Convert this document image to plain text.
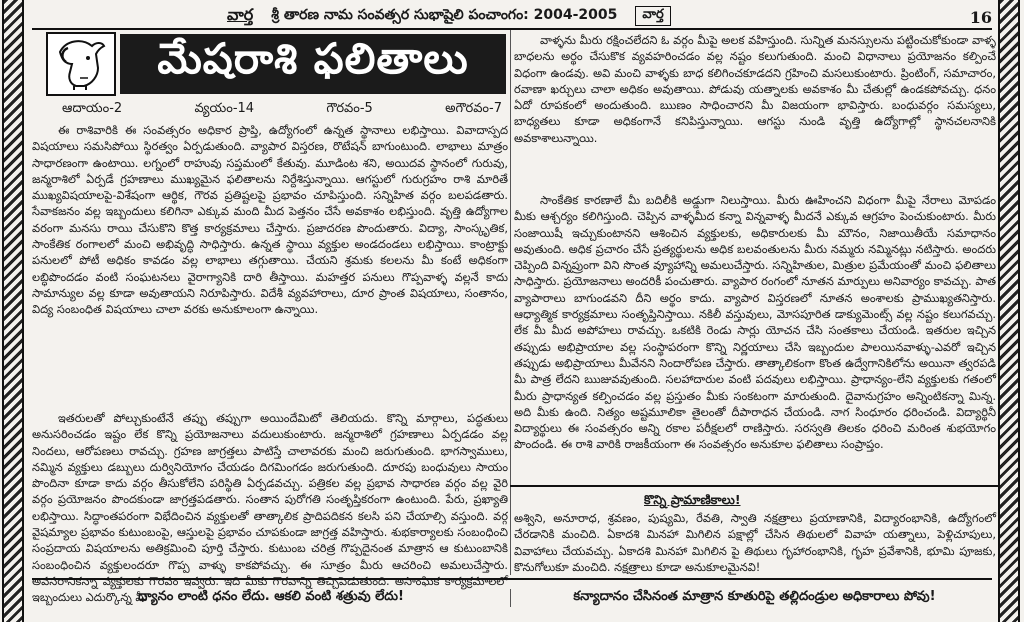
వార్త శ్రీ తారణ నామ సంవత్సర సుభాషైలి పంచాంగం: 2004-2005	వార్త	16
మేషరాశి ఫలితాలు
ఆదాయం-2	వ్యయం-14	గౌరవం-5	అగౌరవం-7

ఈ రాశివారికి ఈ సంవత్సరం అధికార ప్రాప్తి, ఉద్యోగంలో ఉన్నత స్థానాలు లభిస్తాయి. వివాదాస్పద విషయాలు సమసిపోయి స్థిరత్వం ఏర్పడుతుంది. వ్యాపార విస్తరణ, రొటేషన్ బాగుంటుంది. లాభాలు మాత్రం సాధారణంగా ఉంటాయి. లగ్నంలో రాహువు సప్తమంలో కేతువు. మూడింట శని, అయిదవ స్థానంలో గురువు, జన్మరాశిలో ఏర్పడే గ్రహణాలు ముఖ్యమైన ఫలితాలను నిర్దేశిస్తున్నాయి. ఆగస్టులో గురుగ్రహం రాశి మారితే ముఖ్యవిషయాలపై-విశేషంగా ఆర్థిక, గౌరవ ప్రతిష్టలపై ప్రభావం చూపిస్తుంది. సన్నిహిత వర్గం బలపడతారు. సేవాకజనం వల్ల ఇబ్బందులు కలిగినా ఎక్కువ మంది మీద పెత్తనం చేసే అవకాశం లభిస్తుంది. వృత్తి ఉద్యోగాల వరంగా మనసు రాయి చేసుకొని కొత్త కార్యక్రమాలు చేస్తారు. ప్రజాదరణ పొందుతారు. విద్యా, సాంస్కృతిక, సాంకేతిక రంగాలలో మంచి అభివృద్ధి సాధిస్తారు. ఉన్నత స్థాయి వ్యక్తుల అండదండలు లభిస్తాయి. కాంట్రాక్టు పనులలో పోటీ అధికం కావడం వల్ల లాభాలు తగ్గుతాయి. చేయని శ్రమకు కలలను మీ కంటే అధికంగా లబ్ధిపొందడం వంటి సంఘటనలు వైరాగ్యానికి దారి తీస్తాయి. మహత్తర పనులు గొప్పవాళ్ళ వల్లనే కాదు సామాన్యుల వల్ల కూడా అవుతాయని నిరూపిస్తారు. విదేశీ వ్యవహారాలు, దూర ప్రాంత విషయాలు, సంతానం, విద్య సంబంధిత విషయాలు చాలా వరకు అనుకూలంగా ఉన్నాయి.

ఇతరులతో పోల్చుకుంటేనే తప్పు తప్పుగా అయిందేమిటో తెలియదు. కొన్ని మార్గాలు, పద్ధతులు అనుసరించడం ఇష్టం లేక కొన్ని ప్రయోజనాలు వదులుకుంటారు. జన్మరాశిలో గ్రహణాలు ఏర్పడడం వల్ల నిందలు, ఆరోపణలు రావచ్చు. గ్రహణ జాగ్రత్తలు పాటిస్తే చాలావరకు మంచి జరుగుతుంది. భాగస్వాములు, నమ్మిన వ్యక్తులు డబ్బులు దుర్వినియోగం చేయడం దిగమింగడం జరుగుతుంది. దూరపు బంధువులు సాయం పొందినా కూడా కాదు వర్గం తీసుకోలేని పరిస్థితి ఏర్పడవచ్చు. పత్రికల వల్ల ప్రభావ సాధారణ వర్గం వల్ల వైరి వర్గం ప్రయోజనం పొందకుండా జాగ్రత్తపడతారు. సంతాన పురోగతి సంతృప్తికరంగా ఉంటుంది. పేరు, ప్రఖ్యాతి లభిస్తాయి. సిద్ధాంతపరంగా విభేదించిన వ్యక్తులతో తాత్కాలిక ప్రాదిపదికన కలసి పని చేయాల్సి వస్తుంది. వర్గ వైషమ్యాల ప్రభావం కుటుంబంపై, ఆస్తులపై ప్రభావం చూపకుండా జాగ్రత్త వహిస్తారు. శుభకార్యాలకు సంబంధించి సంప్రదాయ విషయాలను అతిక్రమించి పూర్తి చేస్తారు. కుటుంబ చరిత్ర గొప్పదైనంత మాత్రాన ఆ కుటుంబానికి సంబంధించిన వ్యక్తులందరూ గొప్ప వాళ్ళు కాకపోవచ్చు. ఈ సూత్రం మీరు ఆచరించి అమలుచేస్తారు. అవసరానికన్నా వ్యక్తులకు గౌరవం ఇవ్వరు. ఇది మీకు గౌరవాన్ని తెచ్చిపెడుతుంది. అసాంఘిక కార్యక్రమాలలో ఇబ్బందులు ఎదుర్కొన్న మీ

వాళ్ళను మీరు రక్షించలేదని ఓ వర్గం మీపై అలక వహిస్తుంది. సున్నిత మనస్సులను పట్టించుకోకుండా వాళ్ళ బాధలను అర్థం చేసుకొక వ్యవహరించడం వల్ల నష్టం కలుగుతుంది. మంచి విధానాలు ప్రయోజనం కల్పించే విధంగా ఉండవు. అవి మంచి వాళ్ళకు బాధ కలిగించకూడదని గ్రహించి మసలుకుంటారు. ప్రింటింగ్, సమాచారం, రవాణా ఖర్చులు చాలా అధికం అవుతాయి. పోడువు యత్నాలకు అవకాశం మీ చేతుల్లో ఉండకపోవచ్చు. ధనం ఏదో రూపకంలో అందుతుంది. ఋణం సాధించారని మీ విజయంగా భావిస్తారు. బంధువర్గం సమస్యలు, బాధ్యతలు కూడా అధికంగానే కనిపిస్తున్నాయి. ఆగస్టు నుండి వృత్తి ఉద్యోగాల్లో స్థానచలనానికి అవకాశాలున్నాయి.

సాంకేతిక కారణాలే మీ బదిలీకి అడ్డుగా నిలుస్తాయి. మీరు ఊహించని విధంగా మీపై నేరాలు మోపడం మీకు ఆశ్చర్యం కలిగిస్తుంది. చెప్పిన వాళ్ళమీద కన్నా విన్నవాళ్ళ మీదనే ఎక్కువ ఆగ్రహం పెంచుకుంటారు. మీరు సంజాయిషీ ఇచ్చుకుంటానని ఆశించిన వ్యక్తులకు, అధికారులకు మీ మౌనం, నిజాయితీయే సమాధానం అవుతుంది. అధిక ప్రచారం చేసే ప్రత్యర్థులను అధిక బలవంతులను మీరు నమ్మరు నమ్మినట్లు నటిస్తారు. అందరు చెప్పింది విన్నప్రుంగా విని సొంత వ్యూహాన్ని అమలుచేస్తారు. సన్నిహితుల, మిత్రుల ప్రమేయంతో మంచి ఫలితాలు సాధిస్తారు. ప్రయోజనాలు అందరికీ పంచుతారు. వ్యాపార రంగంలో నూతన మార్పులు అనివార్యం కావచ్చు. పాత వ్యాపారాలు బాగుండవని దీని అర్థం కాదు. వ్యాపార విస్తరణలో నూతన అంశాలకు ప్రాముఖ్యతనిస్తారు. ఆధ్యాత్మిక కార్యక్రమాలు సంతృప్తినిస్తాయి. నకిలీ వస్తువులు, మోసపూరిత డాక్యుమెంట్స్ వల్ల నష్టం కలుగవచ్చు. లేక మీ మీద అపోహలు రావచ్చు. ఒకటికి రెండు సార్లు యోచన చేసి సంతకాలు చేయండి. ఇతరుల ఇచ్చిన తప్పుడు అభిప్రాయాల వల్ల సంస్థాపరంగా కొన్ని నిర్ణయాలు చేసి ఇబ్బందుల పాలయినవాళ్ళు-ఎవరో ఇచ్చిన తప్పుడు అభిప్రాయాలు మీవేనని నిందారోపణ చేస్తారు. తాత్కాలికంగా కొంత ఉద్వేగానికిలోను అయినా త్వరపడి మీ పాత్ర లేదని ఋజువవుతుంది. సలహాదారుల వంటి పదవులు లభిస్తాయి. ప్రాధాన్యం-లేని వ్యక్తులకు గతంలో మీరు ప్రాధాన్యత కల్పించడం వల్ల ప్రస్తుతం మీకు సంకటంగా మారుతుంది. దైవానుగ్రహం అన్నింటికన్నా మిన్న. అది మీకు ఉంది. నిత్యం అష్టమూలికా తైలంతో దీపారాధన చేయండి. నాగ సింధూరం ధరించండి. విద్యార్థినీ విద్యార్థులు ఈ సంవత్సరం అన్ని రకాల పరీక్షలలో రాణిస్తారు. సరస్వతి తిలకం ధరించి మరింత శుభయోగం పొందండి. ఈ రాశి వారికి రాజకీయంగా ఈ సంవత్సరం అనుకూల ఫలితాలు సంప్రాప్తం.

కొన్ని ప్రామాణికాలు!

అశ్విని, అనూరాధ, శ్రవణం, పుష్యమి, రేవతి, స్వాతి నక్షత్రాలు ప్రయాణానికి, విద్యారంభానికి, ఉద్యోగంలో చేరడానికి మంచిది. ఏకాదశి మినహా మిగిలిన పక్షాల్లో చేసిన తిథులలో వివాహ యత్నాలు, పెళ్లిచూపులు, వివాహాలు చేయవచ్చు. ఏకాదశి మినహా మిగిలిన పై తిథులు గృహారంభానికి, గృహ ప్రవేశానికి, భూమి పూజకు, కొనుగోలుకూ మంచిది. నక్షత్రాలు కూడా అనుకూలమైనవి!

ధ్యానం లాంటి ధనం లేదు. ఆకలి వంటి శత్రువు లేదు!	కన్యాదానం చేసినంత మాత్రాన కూతురిపై తల్లిదండ్రుల అధికారాలు పోవు!
